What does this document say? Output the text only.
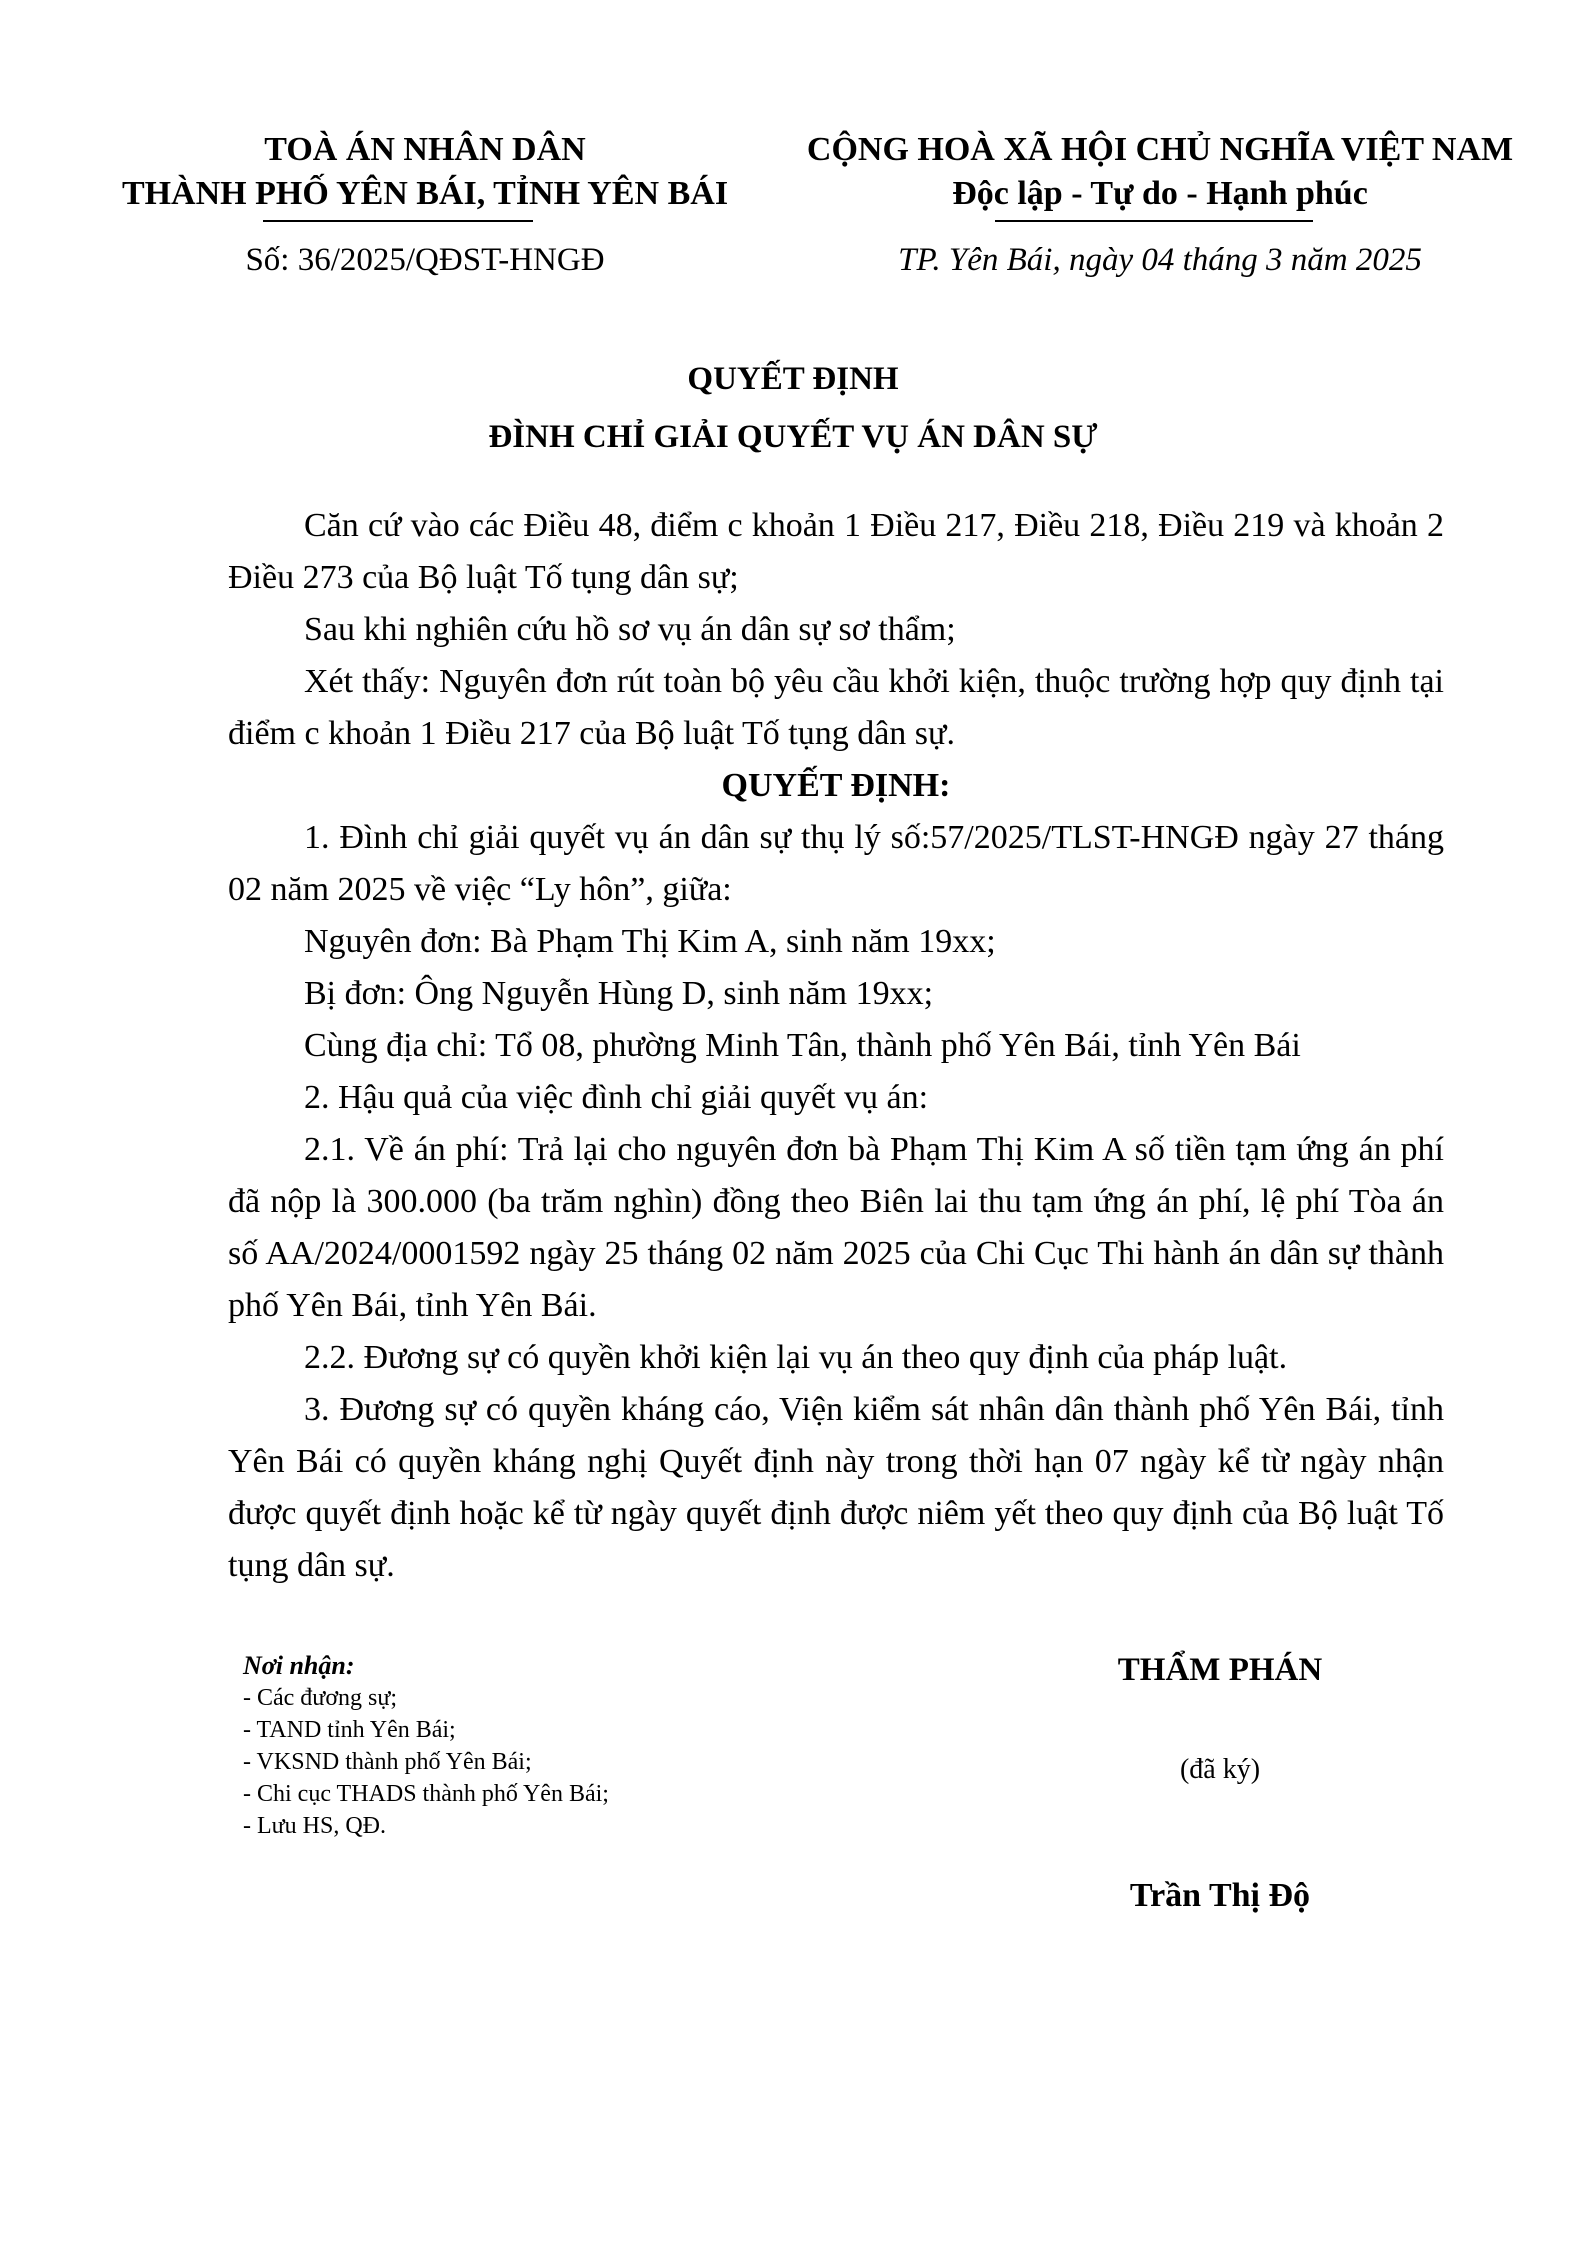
TOÀ ÁN NHÂN DÂN
THÀNH PHỐ YÊN BÁI, TỈNH YÊN BÁI
CỘNG HOÀ XÃ HỘI CHỦ NGHĨA VIỆT NAM
Độc lập - Tự do - Hạnh phúc
Số: 36/2025/QĐST-HNGĐ	TP. Yên Bái, ngày 04 tháng 3 năm 2025
QUYẾT ĐỊNH
ĐÌNH CHỈ GIẢI QUYẾT VỤ ÁN DÂN SỰ

Căn cứ vào các Điều 48, điểm c khoản 1 Điều 217, Điều 218, Điều 219 và khoản 2 Điều 273 của Bộ luật Tố tụng dân sự;

Sau khi nghiên cứu hồ sơ vụ án dân sự sơ thẩm;

Xét thấy: Nguyên đơn rút toàn bộ yêu cầu khởi kiện, thuộc trường hợp quy định tại điểm c khoản 1 Điều 217 của Bộ luật Tố tụng dân sự.

QUYẾT ĐỊNH:

1. Đình chỉ giải quyết vụ án dân sự thụ lý số:57/2025/TLST-HNGĐ ngày 27 tháng 02 năm 2025 về việc “Ly hôn”, giữa:

Nguyên đơn: Bà Phạm Thị Kim A, sinh năm 19xx;

Bị đơn: Ông Nguyễn Hùng D, sinh năm 19xx;

Cùng địa chỉ: Tổ 08, phường Minh Tân, thành phố Yên Bái, tỉnh Yên Bái

2. Hậu quả của việc đình chỉ giải quyết vụ án:

2.1. Về án phí: Trả lại cho nguyên đơn bà Phạm Thị Kim A số tiền tạm ứng án phí đã nộp là 300.000 (ba trăm nghìn) đồng theo Biên lai thu tạm ứng án phí, lệ phí Tòa án số AA/2024/0001592 ngày 25 tháng 02 năm 2025 của Chi Cục Thi hành án dân sự thành phố Yên Bái, tỉnh Yên Bái.

2.2. Đương sự có quyền khởi kiện lại vụ án theo quy định của pháp luật.

3. Đương sự có quyền kháng cáo, Viện kiểm sát nhân dân thành phố Yên Bái, tỉnh Yên Bái có quyền kháng nghị Quyết định này trong thời hạn 07 ngày kể từ ngày nhận được quyết định hoặc kể từ ngày quyết định được niêm yết theo quy định của Bộ luật Tố tụng dân sự.

Nơi nhận:
- Các đương sự;
- TAND tỉnh Yên Bái;
- VKSND thành phố Yên Bái;
- Chi cục THADS thành phố Yên Bái;
- Lưu HS, QĐ.
THẨM PHÁN
(đã ký)
Trần Thị Độ
